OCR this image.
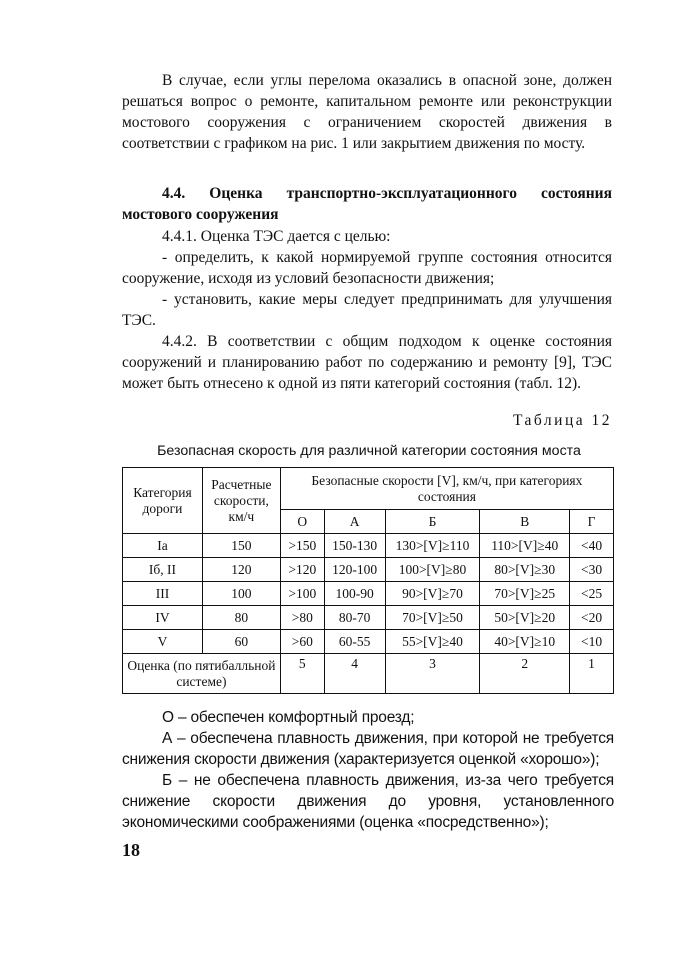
В случае, если углы перелома оказались в опасной зоне, должен решаться вопрос о ремонте, капитальном ремонте или реконструкции мостового сооружения с ограничением скоростей движения в соответствии с графиком на рис. 1 или закрытием движения по мосту.

4.4. Оценка транспортно-эксплуатационного состояния мостового сооружения

4.4.1. Оценка ТЭС дается с целью:

- определить, к какой нормируемой группе состояния относится сооружение, исходя из условий безопасности движения;

- установить, какие меры следует предпринимать для улучшения ТЭС.

4.4.2. В соответствии с общим подходом к оценке состояния сооружений и планированию работ по содержанию и ремонту [9], ТЭС может быть отнесено к одной из пяти категорий состояния (табл. 12).

Таблица 12
Безопасная скорость для различной категории состояния моста
Категория дороги	Расчетные скорости, км/ч	Безопасные скорости [V], км/ч, при категориях состояния				
		О	А	Б	В	Г
Iа	150	>150	150-130	130>[V]≥110	110>[V]≥40	<40
Iб, II	120	>120	120-100	100>[V]≥80	80>[V]≥30	<30
III	100	>100	100-90	90>[V]≥70	70>[V]≥25	<25
IV	80	>80	80-70	70>[V]≥50	50>[V]≥20	<20
V	60	>60	60-55	55>[V]≥40	40>[V]≥10	<10
Оценка (по пятибалльной системе)		5	4	3	2	1

О – обеспечен комфортный проезд;

А – обеспечена плавность движения, при которой не требуется снижения скорости движения (характеризуется оценкой «хорошо»);

Б – не обеспечена плавность движения, из-за чего требуется снижение скорости движения до уровня, установленного экономическими соображениями (оценка «посредственно»);

18
